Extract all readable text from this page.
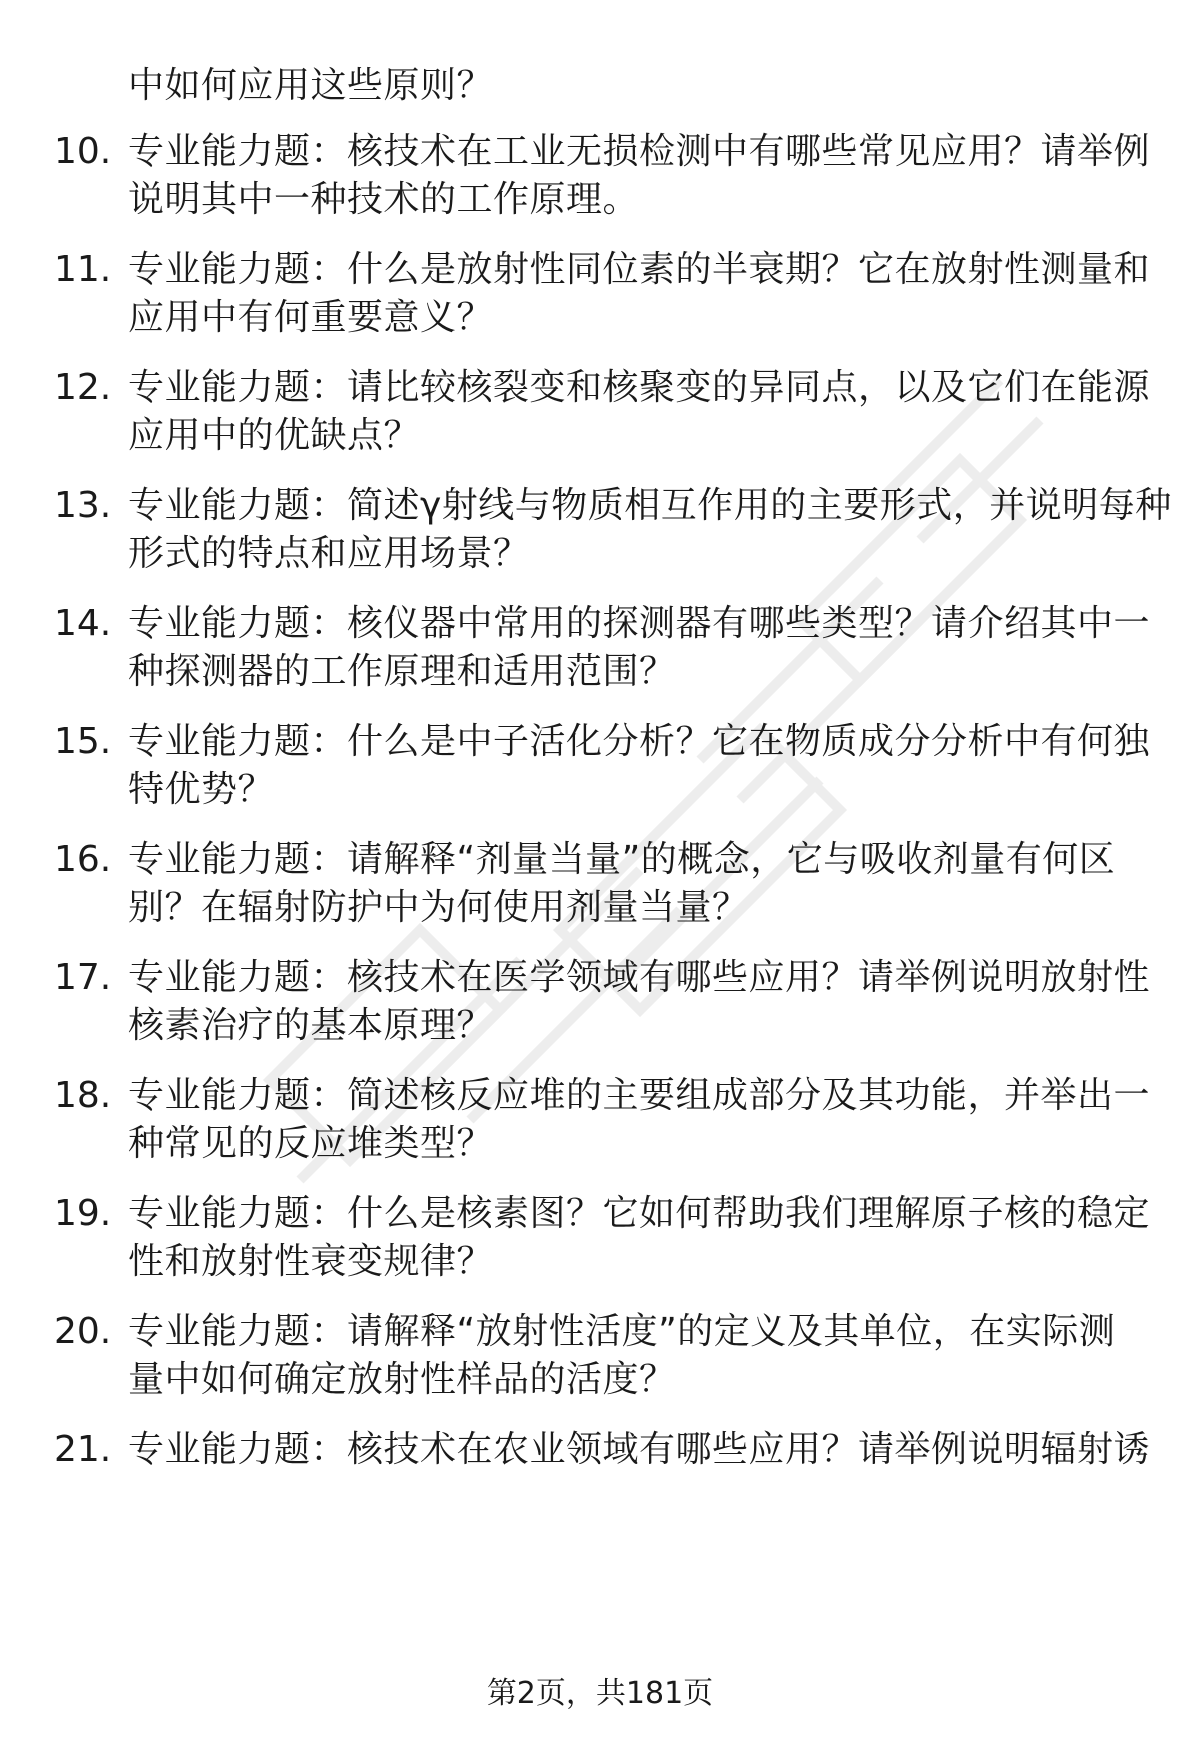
中如何应用这些原则？
10. 专业能力题：核技术在工业无损检测中有哪些常见应用？请举例
说明其中一种技术的工作原理。
11. 专业能力题：什么是放射性同位素的半衰期？它在放射性测量和
应用中有何重要意义？
12. 专业能力题：请比较核裂变和核聚变的异同点，以及它们在能源
应用中的优缺点？
13. 专业能力题：简述γ射线与物质相互作用的主要形式，并说明每种
形式的特点和应用场景？
14. 专业能力题：核仪器中常用的探测器有哪些类型？请介绍其中一
种探测器的工作原理和适用范围？
15. 专业能力题：什么是中子活化分析？它在物质成分分析中有何独
特优势？
16. 专业能力题：请解释“剂量当量”的概念，它与吸收剂量有何区
别？在辐射防护中为何使用剂量当量？
17. 专业能力题：核技术在医学领域有哪些应用？请举例说明放射性
核素治疗的基本原理？
18. 专业能力题：简述核反应堆的主要组成部分及其功能，并举出一
种常见的反应堆类型？
19. 专业能力题：什么是核素图？它如何帮助我们理解原子核的稳定
性和放射性衰变规律？
20. 专业能力题：请解释“放射性活度”的定义及其单位，在实际测
量中如何确定放射性样品的活度？
21. 专业能力题：核技术在农业领域有哪些应用？请举例说明辐射诱
第2页，共181页
